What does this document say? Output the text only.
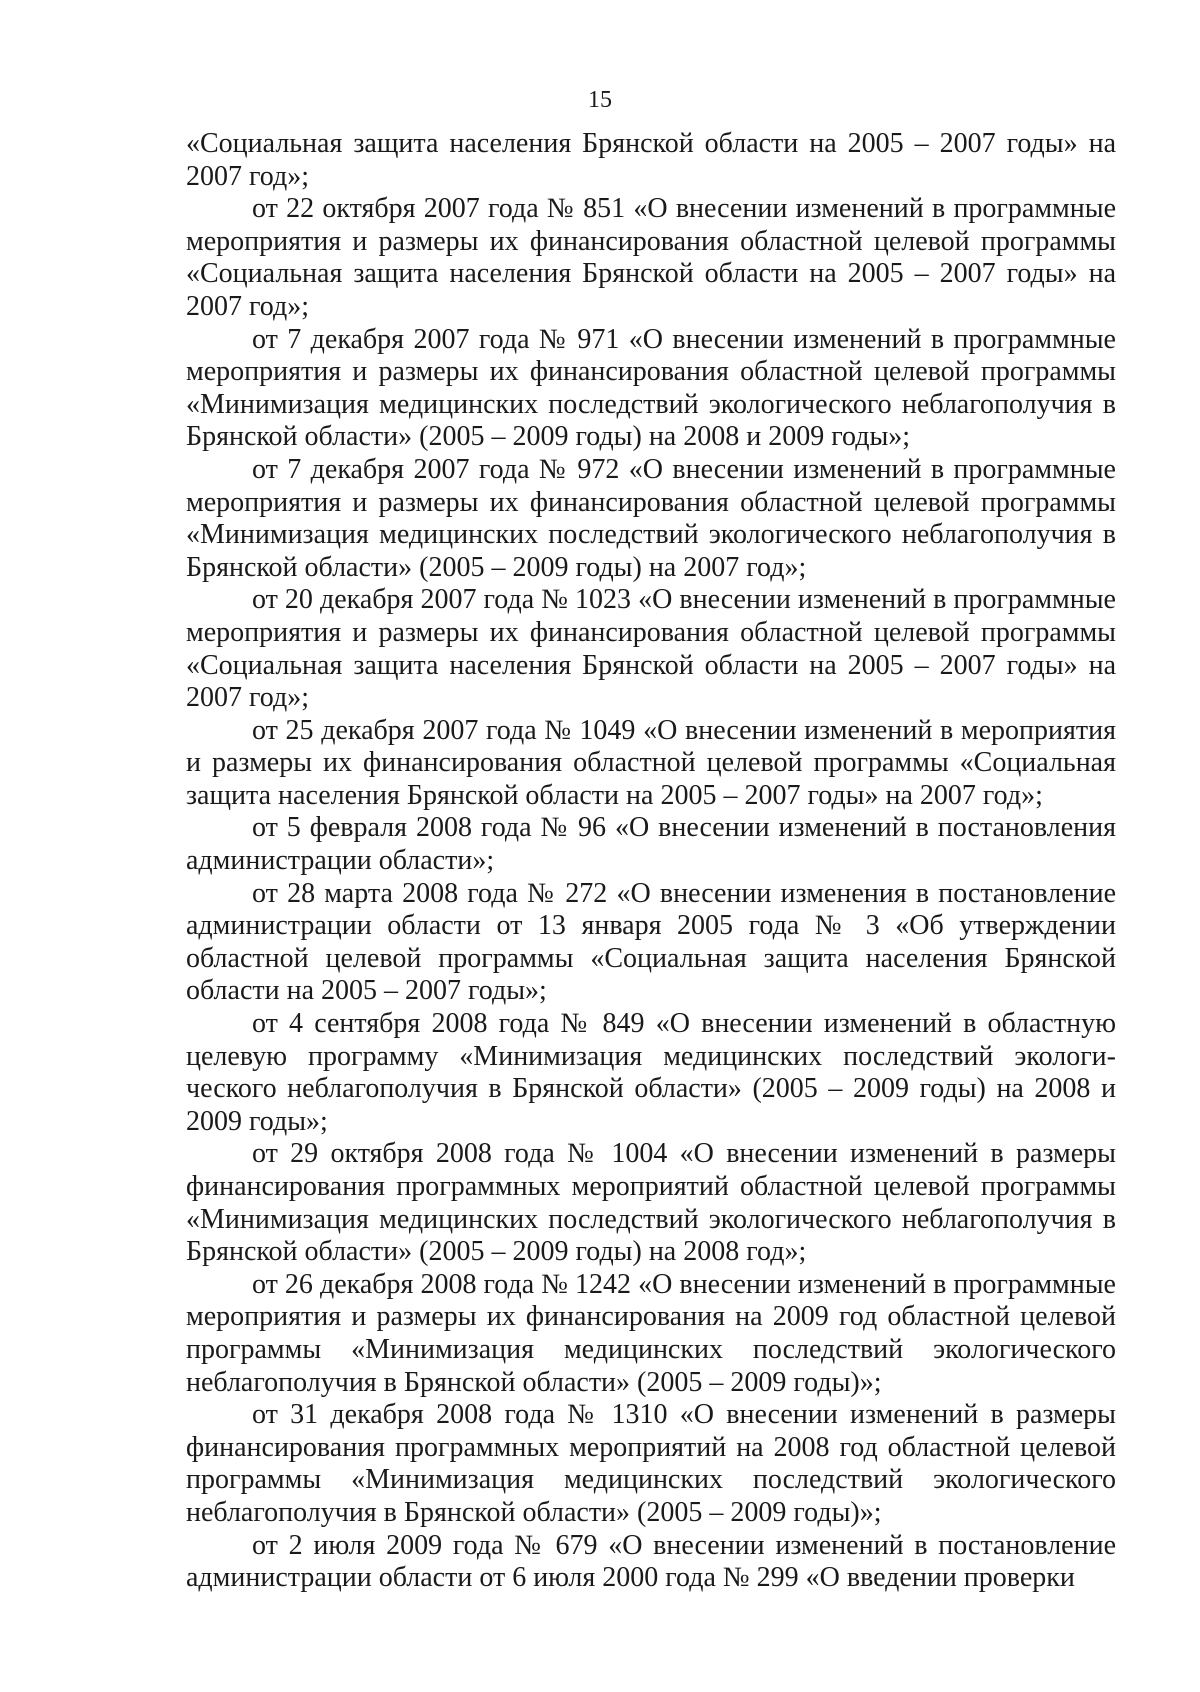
15

«Социальная защита населения Брянской области на 2005 – 2007 годы» на 2007 год»;

от 22 октября 2007 года № 851 «О внесении изменений в программные мероприятия и размеры их финансирования областной целевой программы «Социальная защита населения Брянской области на 2005 – 2007 годы» на 2007 год»;

от 7 декабря 2007 года № 971 «О внесении изменений в программные мероприятия и размеры их финансирования областной целевой программы «Минимизация медицинских последствий экологического неблагополучия в Брянской области» (2005 – 2009 годы) на 2008 и 2009 годы»;

от 7 декабря 2007 года № 972 «О внесении изменений в программные мероприятия и размеры их финансирования областной целевой программы «Минимизация медицинских последствий экологического неблагополучия в Брянской области» (2005 – 2009 годы) на 2007 год»;

от 20 декабря 2007 года № 1023 «О внесении изменений в программные мероприятия и размеры их финансирования областной целевой программы «Социальная защита населения Брянской области на 2005 – 2007 годы» на 2007 год»;

от 25 декабря 2007 года № 1049 «О внесении изменений в мероприятия и размеры их финансирования областной целевой программы «Социальная защита населения Брянской области на 2005 – 2007 годы» на 2007 год»;

от 5 февраля 2008 года № 96 «О внесении изменений в постановления администрации области»;

от 28 марта 2008 года № 272 «О внесении изменения в постановление администрации области от 13 января 2005 года № 3 «Об утверждении областной целевой программы «Социальная защита населения Брянской области на 2005 – 2007 годы»;

от 4 сентября 2008 года № 849 «О внесении изменений в областную целевую программу «Минимизация медицинских последствий экологического неблагополучия в Брянской области» (2005 – 2009 годы) на 2008 и 2009 годы»;

от 29 октября 2008 года № 1004 «О внесении изменений в размеры финансирования программных мероприятий областной целевой программы «Минимизация медицинских последствий экологического неблагополучия в Брянской области» (2005 – 2009 годы) на 2008 год»;

от 26 декабря 2008 года № 1242 «О внесении изменений в программные мероприятия и размеры их финансирования на 2009 год областной целевой программы «Минимизация медицинских последствий экологического неблагополучия в Брянской области» (2005 – 2009 годы)»;

от 31 декабря 2008 года № 1310 «О внесении изменений в размеры финансирования программных мероприятий на 2008 год областной целевой программы «Минимизация медицинских последствий экологического неблагополучия в Брянской области» (2005 – 2009 годы)»;

от 2 июля 2009 года № 679 «О внесении изменений в постановление администрации области от 6 июля 2000 года № 299 «О введении проверки
